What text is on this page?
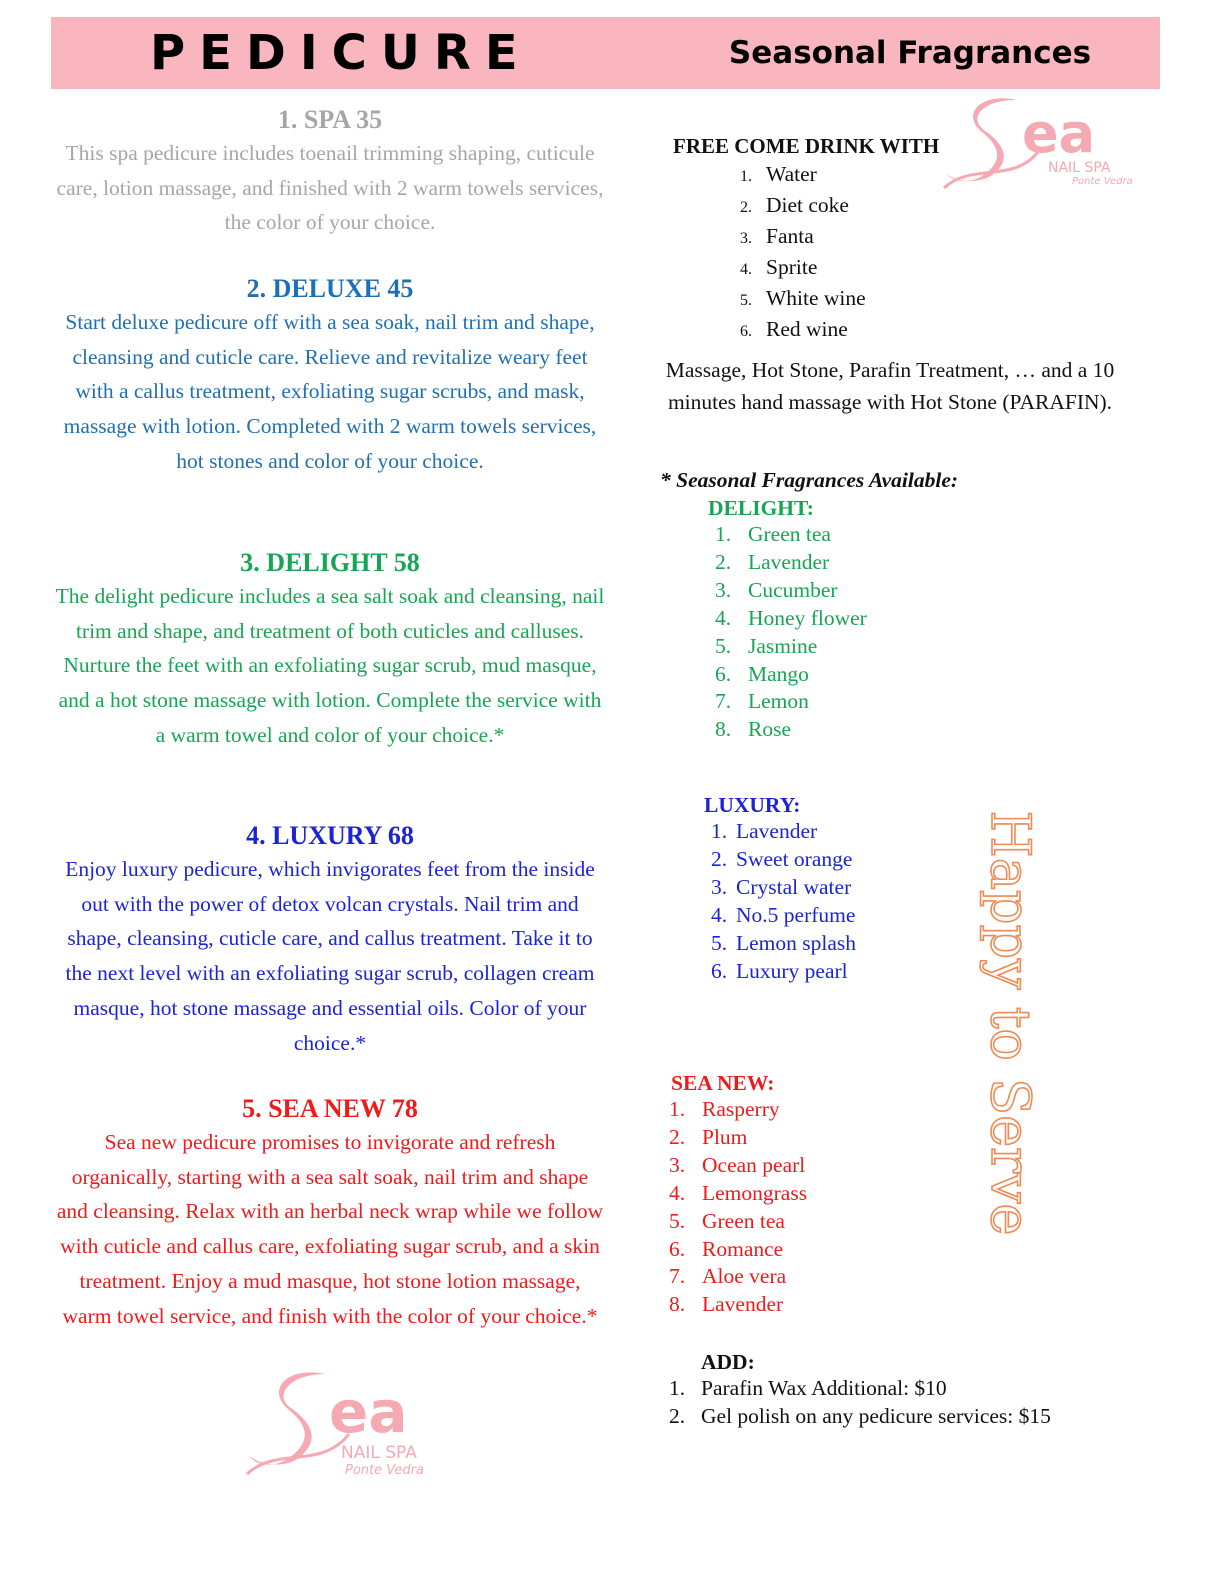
PEDICURE	Seasonal Fragrances
1. SPA 35
This spa pedicure includes toenail trimming shaping, cuticule care, lotion massage, and finished with 2 warm towels services, the color of your choice.
2. DELUXE 45
Start deluxe pedicure off with a sea soak, nail trim and shape, cleansing and cuticle care. Relieve and revitalize weary feet with a callus treatment, exfoliating sugar scrubs, and mask, massage with lotion. Completed with 2 warm towels services, hot stones and color of your choice.
3. DELIGHT 58
The delight pedicure includes a sea salt soak and cleansing, nail trim and shape, and treatment of both cuticles and calluses. Nurture the feet with an exfoliating sugar scrub, mud masque, and a hot stone massage with lotion. Complete the service with a warm towel and color of your choice.*
4. LUXURY 68
Enjoy luxury pedicure, which invigorates feet from the inside out with the power of detox volcan crystals. Nail trim and shape, cleansing, cuticle care, and callus treatment. Take it to the next level with an exfoliating sugar scrub, collagen cream masque, hot stone massage and essential oils. Color of your choice.*
5. SEA NEW 78
Sea new pedicure promises to invigorate and refresh organically, starting with a sea salt soak, nail trim and shape and cleansing. Relax with an herbal neck wrap while we follow with cuticle and callus care, exfoliating sugar scrub, and a skin treatment. Enjoy a mud masque, hot stone lotion massage, warm towel service, and finish with the color of your choice.*
ea
NAIL SPA
Ponte Vedra
FREE COME DRINK WITH
1. Water
2. Diet coke
3. Fanta
4. Sprite
5. White wine
6. Red wine
Massage, Hot Stone, Parafin Treatment, … and a 10 minutes hand massage with Hot Stone (PARAFIN).
* Seasonal Fragrances Available:
DELIGHT:
1. Green tea
2. Lavender
3. Cucumber
4. Honey flower
5. Jasmine
6. Mango
7. Lemon
8. Rose
LUXURY:
1. Lavender
2. Sweet orange
3. Crystal water
4. No.5 perfume
5. Lemon splash
6. Luxury pearl
SEA NEW:
1. Rasperry
2. Plum
3. Ocean pearl
4. Lemongrass
5. Green tea
6. Romance
7. Aloe vera
8. Lavender
ADD:
1. Parafin Wax Additional: $10
2. Gel polish on any pedicure services: $15
Happy to Serve
ea
NAIL SPA
Ponte Vedra
